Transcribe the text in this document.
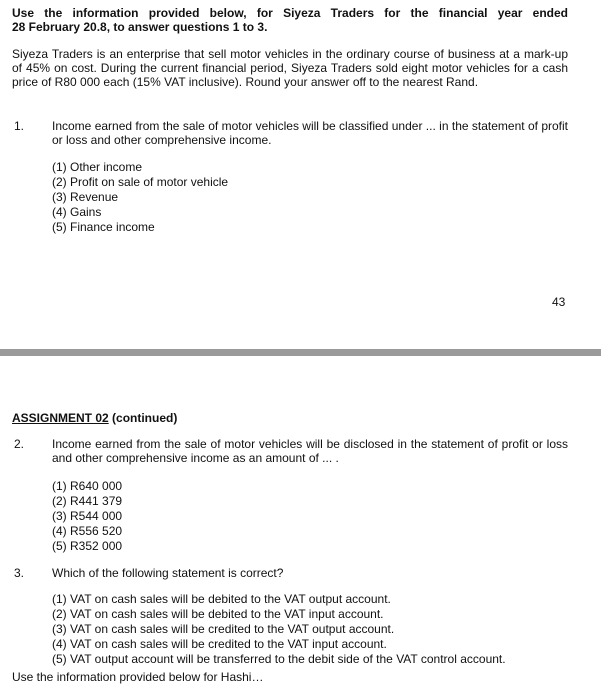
Use the information provided below, for Siyeza Traders for the financial year ended
28 February 20.8, to answer questions 1 to 3.
Siyeza Traders is an enterprise that sell motor vehicles in the ordinary course of business at a mark-up of 45% on cost. During the current financial period, Siyeza Traders sold eight motor vehicles for a cash price of R80 000 each (15% VAT inclusive). Round your answer off to the nearest Rand.
1. Income earned from the sale of motor vehicles will be classified under ... in the statement of profit or loss and other comprehensive income.
(1) Other income
(2) Profit on sale of motor vehicle
(3) Revenue
(4) Gains
(5) Finance income
43
ASSIGNMENT 02 (continued)
2. Income earned from the sale of motor vehicles will be disclosed in the statement of profit or loss and other comprehensive income as an amount of ... .
(1) R640 000
(2) R441 379
(3) R544 000
(4) R556 520
(5) R352 000
3. Which of the following statement is correct?
(1) VAT on cash sales will be debited to the VAT output account.
(2) VAT on cash sales will be debited to the VAT input account.
(3) VAT on cash sales will be credited to the VAT output account.
(4) VAT on cash sales will be credited to the VAT input account.
(5) VAT output account will be transferred to the debit side of the VAT control account.
Use the information provided below for Hashi…
